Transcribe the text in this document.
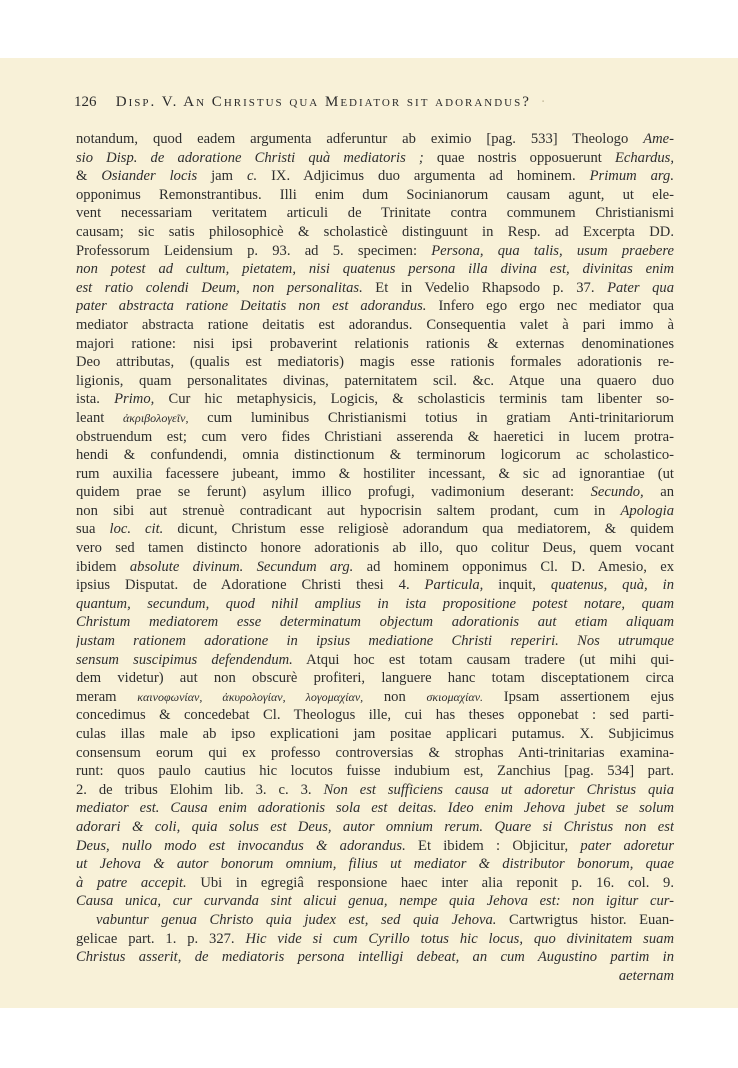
126 Disp. V. An Christus qua Mediator sit adorandus? ·
notandum, quod eadem argumenta adferuntur ab eximio [pag. 533] Theologo Ame-
sio Disp. de adoratione Christi quà mediatoris ; quae nostris opposuerunt Echardus,
& Osiander locis jam c. IX. Adjicimus duo argumenta ad hominem. Primum arg.
opponimus Remonstrantibus. Illi enim dum Socinianorum causam agunt, ut ele-
vent necessariam veritatem articuli de Trinitate contra communem Christianismi
causam; sic satis philosophicè & scholasticè distinguunt in Resp. ad Excerpta DD.
Professorum Leidensium p. 93. ad 5. specimen: Persona, qua talis, usum praebere
non potest ad cultum, pietatem, nisi quatenus persona illa divina est, divinitas enim
est ratio colendi Deum, non personalitas. Et in Vedelio Rhapsodo p. 37. Pater qua
pater abstracta ratione Deitatis non est adorandus. Infero ego ergo nec mediator qua
mediator abstracta ratione deitatis est adorandus. Consequentia valet à pari immo à
majori ratione: nisi ipsi probaverint relationis rationis & externas denominationes
Deo attributas, (qualis est mediatoris) magis esse rationis formales adorationis re-
ligionis, quam personalitates divinas, paternitatem scil. &c. Atque una quaero duo
ista. Primo, Cur hic metaphysicis, Logicis, & scholasticis terminis tam libenter so-
leant ἀκριβολογεῖν, cum luminibus Christianismi totius in gratiam Anti-trinitariorum
obstruendum est; cum vero fides Christiani asserenda & haeretici in lucem protra-
hendi & confundendi, omnia distinctionum & terminorum logicorum ac scholastico-
rum auxilia facessere jubeant, immo & hostiliter incessant, & sic ad ignorantiae (ut
quidem prae se ferunt) asylum illico profugi, vadimonium deserant: Secundo, an
non sibi aut strenuè contradicant aut hypocrisin saltem prodant, cum in Apologia
sua loc. cit. dicunt, Christum esse religiosè adorandum qua mediatorem, & quidem
vero sed tamen distincto honore adorationis ab illo, quo colitur Deus, quem vocant
ibidem absolute divinum. Secundum arg. ad hominem opponimus Cl. D. Amesio, ex
ipsius Disputat. de Adoratione Christi thesi 4. Particula, inquit, quatenus, quà, in
quantum, secundum, quod nihil amplius in ista propositione potest notare, quam
Christum mediatorem esse determinatum objectum adorationis aut etiam aliquam
justam rationem adoratione in ipsius mediatione Christi reperiri. Nos utrumque
sensum suscipimus defendendum. Atqui hoc est totam causam tradere (ut mihi qui-
dem videtur) aut non obscurè profiteri, languere hanc totam disceptationem circa
meram καινοφωνίαν, ἀκυρολογίαν, λογομαχίαν, non σκιομαχίαν. Ipsam assertionem ejus
concedimus & concedebat Cl. Theologus ille, cui has theses opponebat : sed parti-
culas illas male ab ipso explicationi jam positae applicari putamus. X. Subjicimus
consensum eorum qui ex professo controversias & strophas Anti-trinitarias examina-
runt: quos paulo cautius hic locutos fuisse indubium est, Zanchius [pag. 534] part.
2. de tribus Elohim lib. 3. c. 3. Non est sufficiens causa ut adoretur Christus quia
mediator est. Causa enim adorationis sola est deitas. Ideo enim Jehova jubet se solum
adorari & coli, quia solus est Deus, autor omnium rerum. Quare si Christus non est
Deus, nullo modo est invocandus & adorandus. Et ibidem : Objicitur, pater adoretur
ut Jehova & autor bonorum omnium, filius ut mediator & distributor bonorum, quae
à patre accepit. Ubi in egregiâ responsione haec inter alia reponit p. 16. col. 9.
Causa unica, cur curvanda sint alicui genua, nempe quia Jehova est: non igitur cur-
vabuntur genua Christo quia judex est, sed quia Jehova. Cartwrigtus histor. Euan-
gelicae part. 1. p. 327. Hic vide si cum Cyrillo totus hic locus, quo divinitatem suam
Christus asserit, de mediatoris persona intelligi debeat, an cum Augustino partim in
aeternam
